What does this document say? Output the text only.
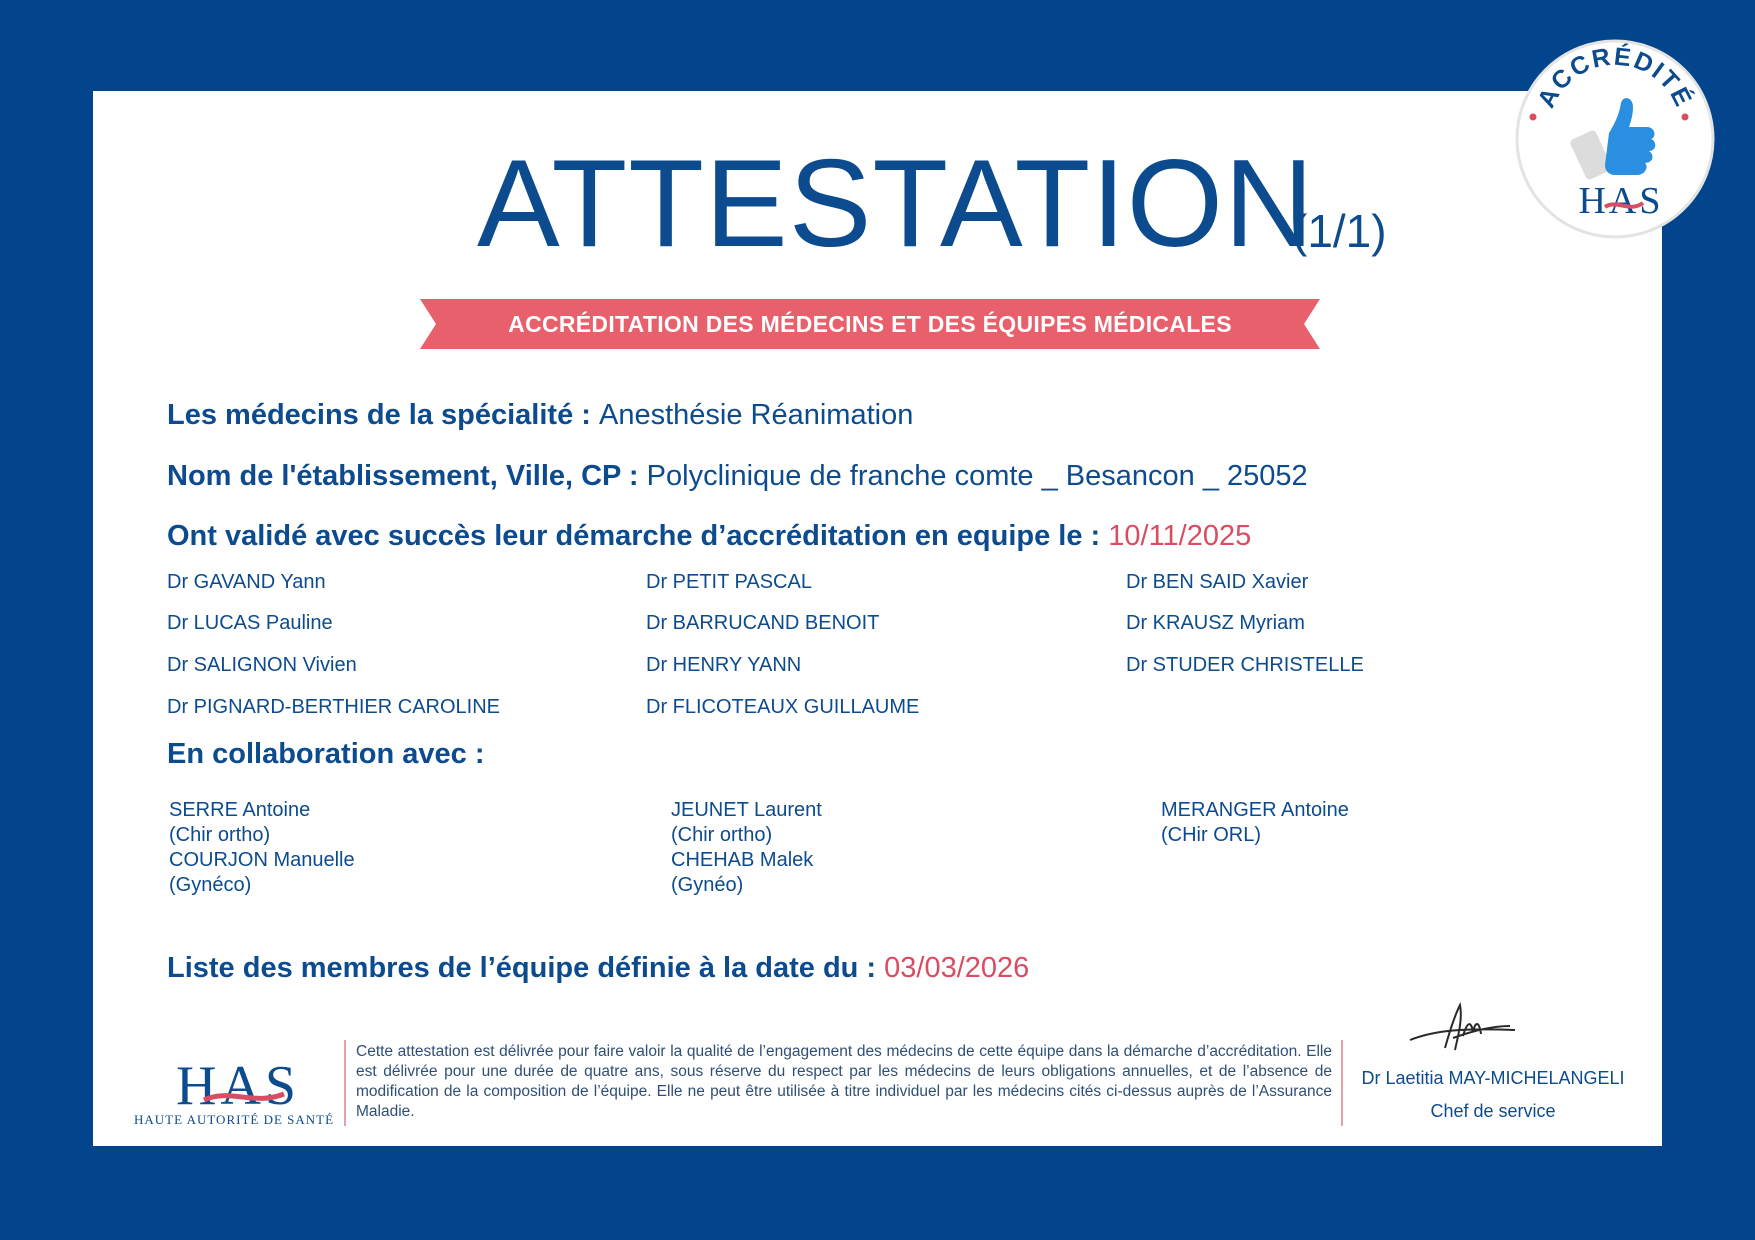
ATTESTATION
(1/1)
ACCRÉDITATION DES MÉDECINS ET DES ÉQUIPES MÉDICALES
Les médecins de la spécialité : Anesthésie Réanimation
Nom de l'établissement, Ville, CP : Polyclinique de franche comte _ Besancon _ 25052
Ont validé avec succès leur démarche d’accréditation en equipe le : 10/11/2025
Dr GAVAND Yann	Dr PETIT PASCAL	Dr BEN SAID Xavier
Dr LUCAS Pauline	Dr BARRUCAND BENOIT	Dr KRAUSZ Myriam
Dr SALIGNON Vivien	Dr HENRY YANN	Dr STUDER CHRISTELLE
Dr PIGNARD-BERTHIER CAROLINE	Dr FLICOTEAUX GUILLAUME
En collaboration avec :
SERRE Antoine
(Chir ortho)
COURJON Manuelle
(Gynéco)
JEUNET Laurent
(Chir ortho)
CHEHAB Malek
(Gynéo)
MERANGER Antoine
(CHir ORL)
Liste des membres de l’équipe définie à la date du : 03/03/2026
HAS
HAUTE AUTORITÉ DE SANTÉ
Cette attestation est délivrée pour faire valoir la qualité de l’engagement des médecins de cette équipe dans la démarche d’accréditation. Elle est délivrée pour une durée de quatre ans, sous réserve du respect par les médecins de leurs obligations annuelles, et de l’absence de modification de la composition de l’équipe. Elle ne peut être utilisée à titre individuel par les médecins cités ci-dessus auprès de l’Assurance Maladie.
Dr Laetitia MAY-MICHELANGELI
Chef de service
ACCRÉDITÉ
HAS
